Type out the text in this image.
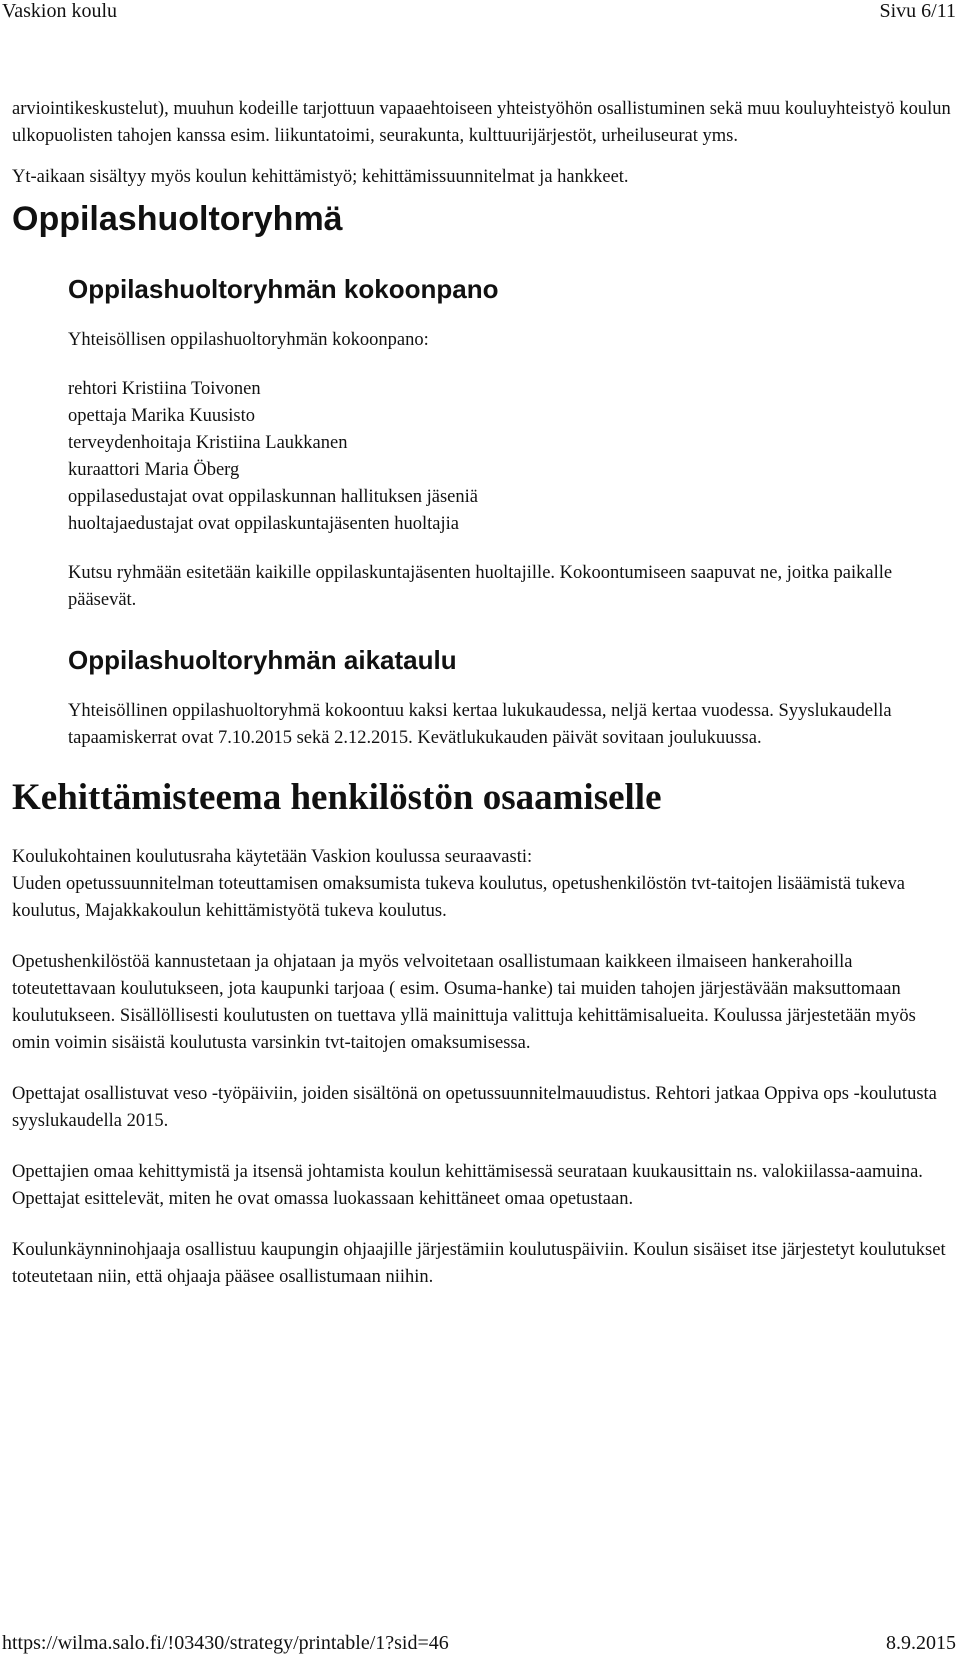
Vaskion koulu	Sivu 6/11

arviointikeskustelut), muuhun kodeille tarjottuun vapaaehtoiseen yhteistyöhön osallistuminen sekä muu kouluyhteistyö koulun ulkopuolisten tahojen kanssa esim. liikuntatoimi, seurakunta, kulttuurijärjestöt, urheiluseurat yms.

Yt-aikaan sisältyy myös koulun kehittämistyö; kehittämissuunnitelmat ja hankkeet.

Oppilashuoltoryhmä
Oppilashuoltoryhmän kokoonpano

Yhteisöllisen oppilashuoltoryhmän kokoonpano:

rehtori Kristiina Toivonen
opettaja Marika Kuusisto
terveydenhoitaja Kristiina Laukkanen
kuraattori Maria Öberg
oppilasedustajat ovat oppilaskunnan hallituksen jäseniä
huoltajaedustajat ovat oppilaskuntajäsenten huoltajia

Kutsu ryhmään esitetään kaikille oppilaskuntajäsenten huoltajille. Kokoontumiseen saapuvat ne, joitka paikalle pääsevät.

Oppilashuoltoryhmän aikataulu

Yhteisöllinen oppilashuoltoryhmä kokoontuu kaksi kertaa lukukaudessa, neljä kertaa vuodessa. Syyslukaudella tapaamiskerrat ovat 7.10.2015 sekä 2.12.2015. Kevätlukukauden päivät sovitaan joulukuussa.

Kehittämisteema henkilöstön osaamiselle

Koulukohtainen koulutusraha käytetään Vaskion koulussa seuraavasti:

Uuden opetussuunnitelman toteuttamisen omaksumista tukeva koulutus, opetushenkilöstön tvt-taitojen lisäämistä tukeva koulutus, Majakkakoulun kehittämistyötä tukeva koulutus.

Opetushenkilöstöä kannustetaan ja ohjataan ja myös velvoitetaan osallistumaan kaikkeen ilmaiseen hankerahoilla toteutettavaan koulutukseen, jota kaupunki tarjoaa ( esim. Osuma-hanke) tai muiden tahojen järjestävään maksuttomaan koulutukseen. Sisällöllisesti koulutusten on tuettava yllä mainittuja valittuja kehittämisalueita. Koulussa järjestetään myös omin voimin sisäistä koulutusta varsinkin tvt-taitojen omaksumisessa.

Opettajat osallistuvat veso -työpäiviin, joiden sisältönä on opetussuunnitelmauudistus. Rehtori jatkaa Oppiva ops -koulutusta syyslukaudella 2015.

Opettajien omaa kehittymistä ja itsensä johtamista koulun kehittämisessä seurataan kuukausittain ns. valokiilassa-aamuina. Opettajat esittelevät, miten he ovat omassa luokassaan kehittäneet omaa opetustaan.

Koulunkäynninohjaaja osallistuu kaupungin ohjaajille järjestämiin koulutuspäiviin. Koulun sisäiset itse järjestetyt koulutukset toteutetaan niin, että ohjaaja pääsee osallistumaan niihin.

https://wilma.salo.fi/!03430/strategy/printable/1?sid=46	8.9.2015
